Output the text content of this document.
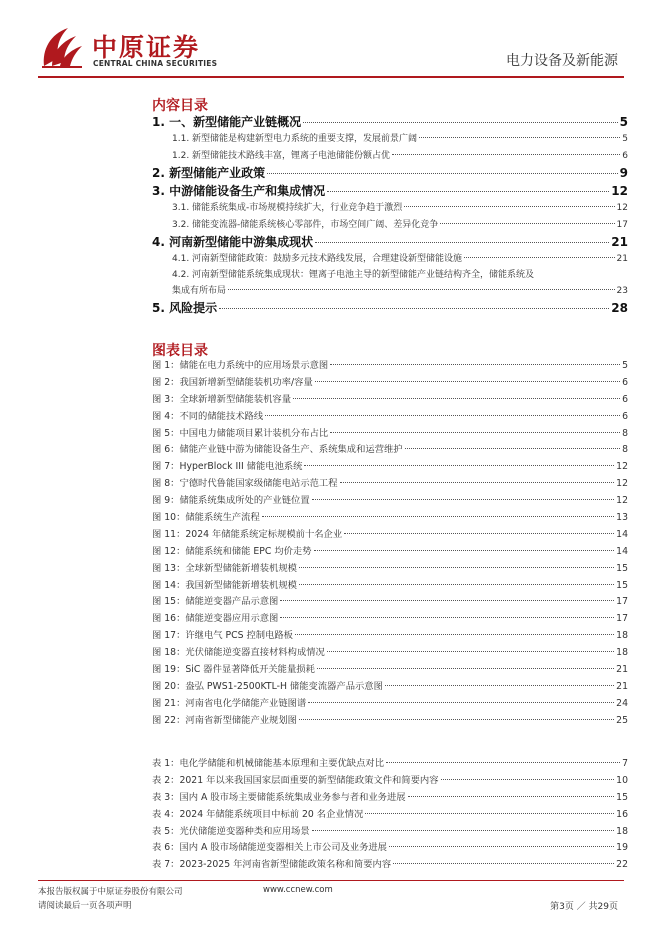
中原证券
CENTRAL CHINA SECURITIES	电力设备及新能源
内容目录
1. 一、新型储能产业链概况	5
1.1. 新型储能是构建新型电力系统的重要支撑，发展前景广阔	5
1.2. 新型储能技术路线丰富，锂离子电池储能份额占优	6
2. 新型储能产业政策	9
3. 中游储能设备生产和集成情况	12
3.1. 储能系统集成-市场规模持续扩大，行业竞争趋于激烈	12
3.2. 储能变流器-储能系统核心零部件，市场空间广阔、差异化竞争	17
4. 河南新型储能中游集成现状	21
4.1. 河南新型储能政策：鼓励多元技术路线发展，合理建设新型储能设施	21
4.2. 河南新型储能系统集成现状：锂离子电池主导的新型储能产业链结构齐全，储能系统及
集成有所布局	23
5. 风险提示	28
图表目录
图 1：储能在电力系统中的应用场景示意图	5
图 2：我国新增新型储能装机功率/容量	6
图 3：全球新增新型储能装机容量	6
图 4：不同的储能技术路线	6
图 5：中国电力储能项目累计装机分布占比	8
图 6：储能产业链中游为储能设备生产、系统集成和运营维护	8
图 7：HyperBlock III 储能电池系统	12
图 8：宁德时代鲁能国家级储能电站示范工程	12
图 9：储能系统集成所处的产业链位置	12
图 10：储能系统生产流程	13
图 11：2024 年储能系统定标规模前十名企业	14
图 12：储能系统和储能 EPC 均价走势	14
图 13：全球新型储能新增装机规模	15
图 14：我国新型储能新增装机规模	15
图 15：储能逆变器产品示意图	17
图 16：储能逆变器应用示意图	17
图 17：许继电气 PCS 控制电路板	18
图 18：光伏储能逆变器直接材料构成情况	18
图 19：SiC 器件显著降低开关能量损耗	21
图 20：盎弘 PWS1-2500KTL-H 储能变流器产品示意图	21
图 21：河南省电化学储能产业链图谱	24
图 22：河南省新型储能产业规划图	25
表 1：电化学储能和机械储能基本原理和主要优缺点对比	7
表 2：2021 年以来我国国家层面重要的新型储能政策文件和简要内容	10
表 3：国内 A 股市场主要储能系统集成业务参与者和业务进展	15
表 4：2024 年储能系统项目中标前 20 名企业情况	16
表 5：光伏储能逆变器种类和应用场景	18
表 6：国内 A 股市场储能逆变器相关上市公司及业务进展	19
表 7：2023-2025 年河南省新型储能政策名称和简要内容	22
本报告版权属于中原证券股份有限公司	www.ccnew.com
请阅读最后一页各项声明	第3页 ／ 共29页
